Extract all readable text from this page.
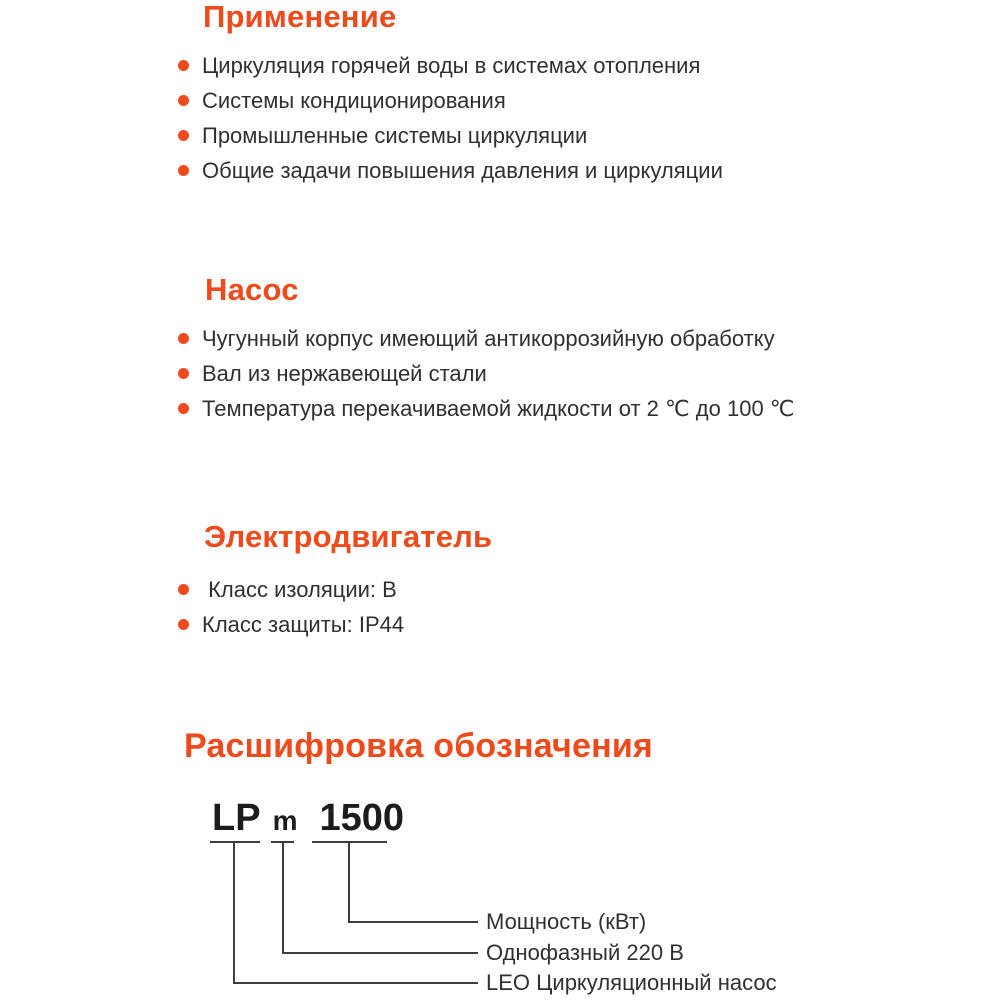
Применение
Циркуляция горячей воды в системах отопления
Системы кондиционирования
Промышленные системы циркуляции
Общие задачи повышения давления и циркуляции
Насос
Чугунный корпус имеющий антикоррозийную обработку
Вал из нержавеющей стали
Температура перекачиваемой жидкости от 2 ℃ до 100 ℃
Электродвигатель
Класс изоляции: B
Класс защиты: IP44
Расшифровка обозначения
LP m 1500
Мощность (кВт)
Однофазный 220 В
LEO Циркуляционный насос
